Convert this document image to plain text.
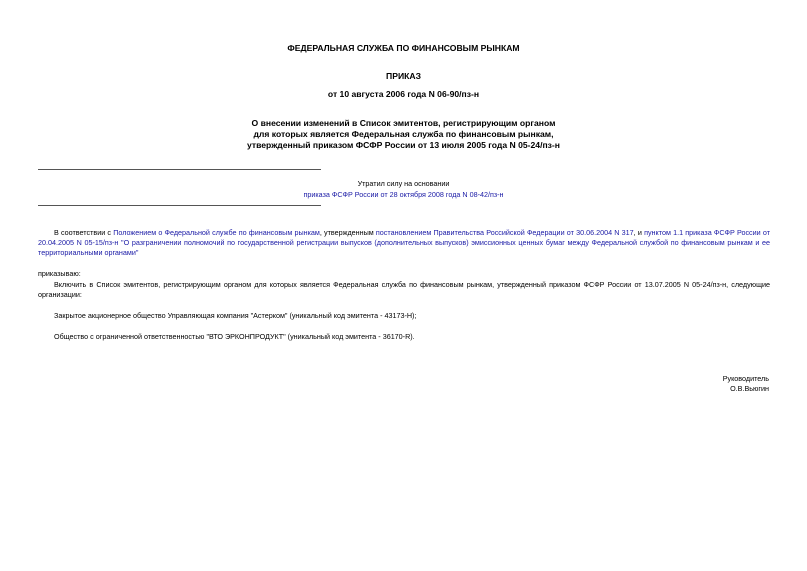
ФЕДЕРАЛЬНАЯ СЛУЖБА ПО ФИНАНСОВЫМ РЫНКАМ
ПРИКАЗ
от 10 августа 2006 года N 06-90/пз-н
О внесении изменений в Список эмитентов, регистрирующим органом
для которых является Федеральная служба по финансовым рынкам,
утвержденный приказом ФСФР России от 13 июля 2005 года N 05-24/пз-н
Утратил силу на основании
приказа ФСФР России от 28 октября 2008 года N 08-42/пз-н
В соответствии с Положением о Федеральной службе по финансовым рынкам, утвержденным постановлением Правительства Российской Федерации от 30.06.2004 N 317, и пунктом 1.1 приказа ФСФР России от 20.04.2005 N 05-15/пз-н "О разграничении полномочий по государственной регистрации выпусков (дополнительных выпусков) эмиссионных ценных бумаг между Федеральной службой по финансовым рынкам и ее территориальными органами"
приказываю:
Включить в Список эмитентов, регистрирующим органом для которых является Федеральная служба по финансовым рынкам, утвержденный приказом ФСФР России от 13.07.2005 N 05-24/пз-н, следующие организации:
Закрытое акционерное общество Управляющая компания "Астерком" (уникальный код эмитента - 43173-Н);
Общество с ограниченной ответственностью "ВТО ЭРКОНПРОДУКТ" (уникальный код эмитента - 36170-R).
Руководитель
О.В.Вьюгин
